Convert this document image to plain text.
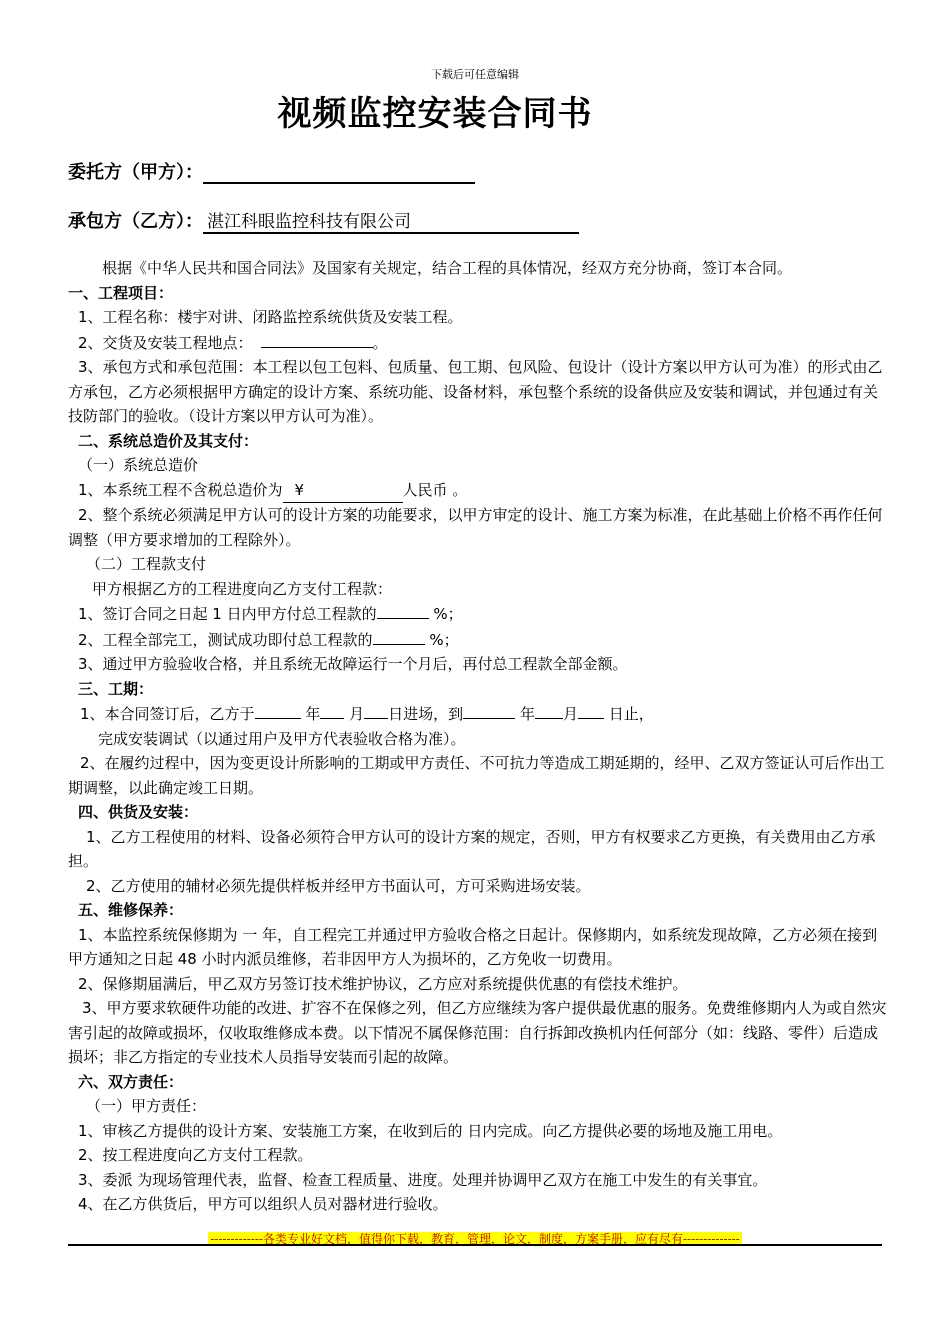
下载后可任意编辑
视频监控安装合同书
委托方（甲方）：
承包方（乙方）： 湛江科眼监控科技有限公司

根据《中华人民共和国合同法》及国家有关规定，结合工程的具体情况，经双方充分协商，签订本合同。

一、工程项目：

1、工程名称：楼宇对讲、闭路监控系统供货及安装工程。

2、交货及安装工程地点：	。

3、承包方式和承包范围：本工程以包工包料、包质量、包工期、包风险、包设计（设计方案以甲方认可为准）的形式由乙方承包，乙方必须根据甲方确定的设计方案、系统功能、设备材料，承包整个系统的设备供应及安装和调试，并包通过有关技防部门的验收。（设计方案以甲方认可为准）。

二、系统总造价及其支付：

（一）系统总造价

1、本系统工程不含税总造价为 ¥	人民币 。

2、整个系统必须满足甲方认可的设计方案的功能要求，以甲方审定的设计、施工方案为标准，在此基础上价格不再作任何调整（甲方要求增加的工程除外）。

（二）工程款支付

甲方根据乙方的工程进度向乙方支付工程款：

1、签订合同之日起 1 日内甲方付总工程款的	%；

2、工程全部完工，测试成功即付总工程款的	%；

3、通过甲方验验收合格，并且系统无故障运行一个月后，再付总工程款全部金额。

三、工期：

1、本合同签订后，乙方于	年 月 日进场，到	年 月 日止，

完成安装调试（以通过用户及甲方代表验收合格为准）。

2、在履约过程中，因为变更设计所影响的工期或甲方责任、不可抗力等造成工期延期的，经甲、乙双方签证认可后作出工期调整，以此确定竣工日期。

四、供货及安装：

1、乙方工程使用的材料、设备必须符合甲方认可的设计方案的规定，否则，甲方有权要求乙方更换，有关费用由乙方承担。

2、乙方使用的辅材必须先提供样板并经甲方书面认可，方可采购进场安装。

五、维修保养：

1、本监控系统保修期为 一 年，自工程完工并通过甲方验收合格之日起计。保修期内，如系统发现故障，乙方必须在接到甲方通知之日起 48 小时内派员维修，若非因甲方人为损坏的，乙方免收一切费用。

2、保修期届满后，甲乙双方另签订技术维护协议，乙方应对系统提供优惠的有偿技术维护。

3、甲方要求软硬件功能的改进、扩容不在保修之列，但乙方应继续为客户提供最优惠的服务。免费维修期内人为或自然灾害引起的故障或损坏，仅收取维修成本费。以下情况不属保修范围：自行拆卸改换机内任何部分（如：线路、零件）后造成损坏；非乙方指定的专业技术人员指导安装而引起的故障。

六、双方责任：

（一）甲方责任：

1、审核乙方提供的设计方案、安装施工方案，在收到后的 日内完成。向乙方提供必要的场地及施工用电。

2、按工程进度向乙方支付工程款。

3、委派 为现场管理代表，监督、检查工程质量、进度。处理并协调甲乙双方在施工中发生的有关事宜。

4、在乙方供货后，甲方可以组织人员对器材进行验收。

-------------各类专业好文档，值得你下载，教育，管理，论文，制度，方案手册，应有尽有--------------
